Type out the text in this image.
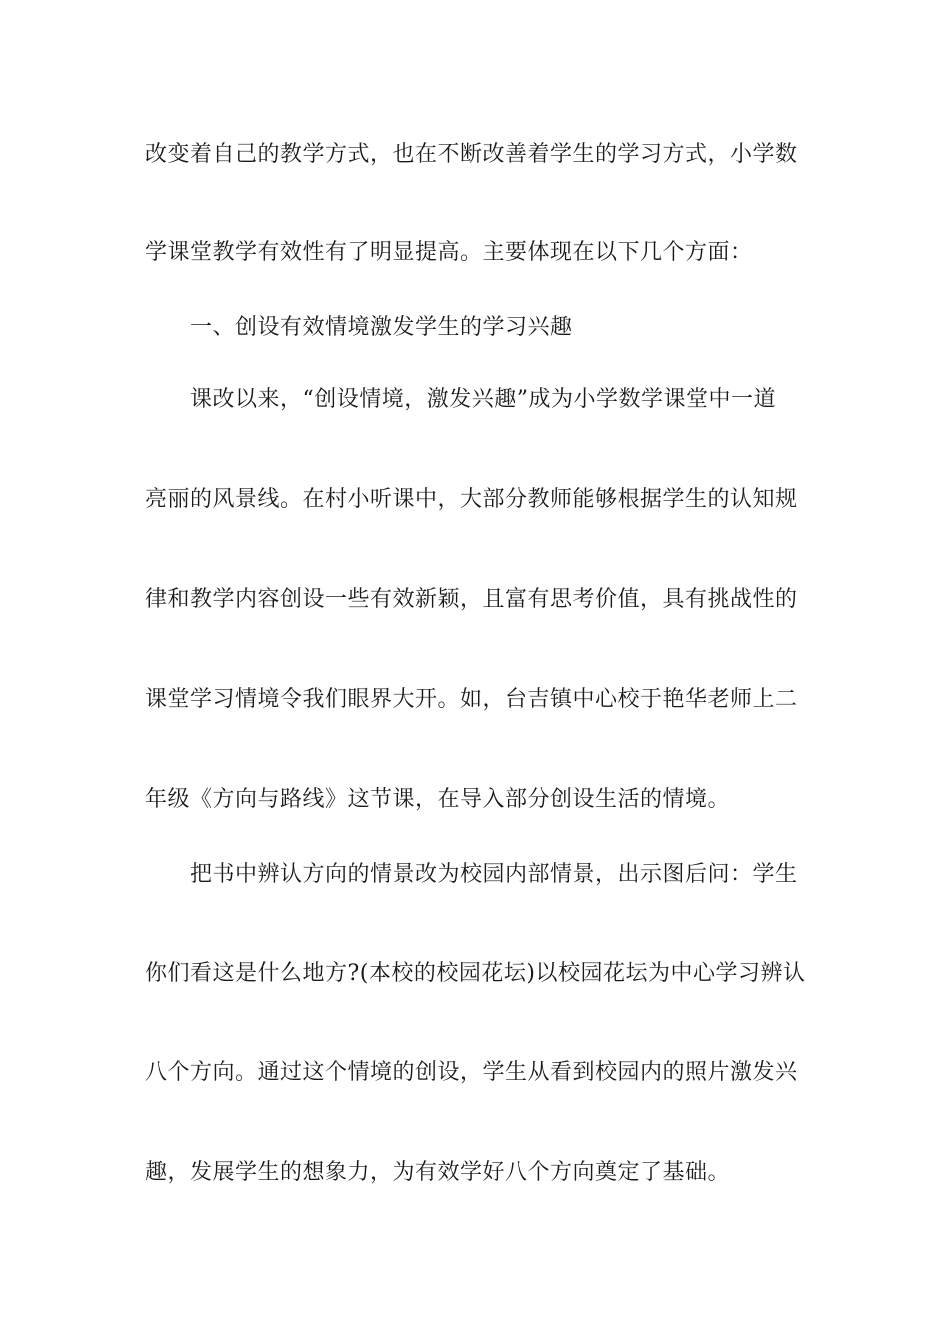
改变着自己的教学方式，也在不断改善着学生的学习方式，小学数
学课堂教学有效性有了明显提高。主要体现在以下几个方面：
一、创设有效情境激发学生的学习兴趣
课改以来，“创设情境，激发兴趣”成为小学数学课堂中一道
亮丽的风景线。在村小听课中，大部分教师能够根据学生的认知规
律和教学内容创设一些有效新颖，且富有思考价值，具有挑战性的
课堂学习情境令我们眼界大开。如，台吉镇中心校于艳华老师上二
年级《方向与路线》这节课，在导入部分创设生活的情境。
把书中辨认方向的情景改为校园内部情景，出示图后问：学生
你们看这是什么地方?(本校的校园花坛)以校园花坛为中心学习辨认
八个方向。通过这个情境的创设，学生从看到校园内的照片激发兴
趣，发展学生的想象力，为有效学好八个方向奠定了基础。
